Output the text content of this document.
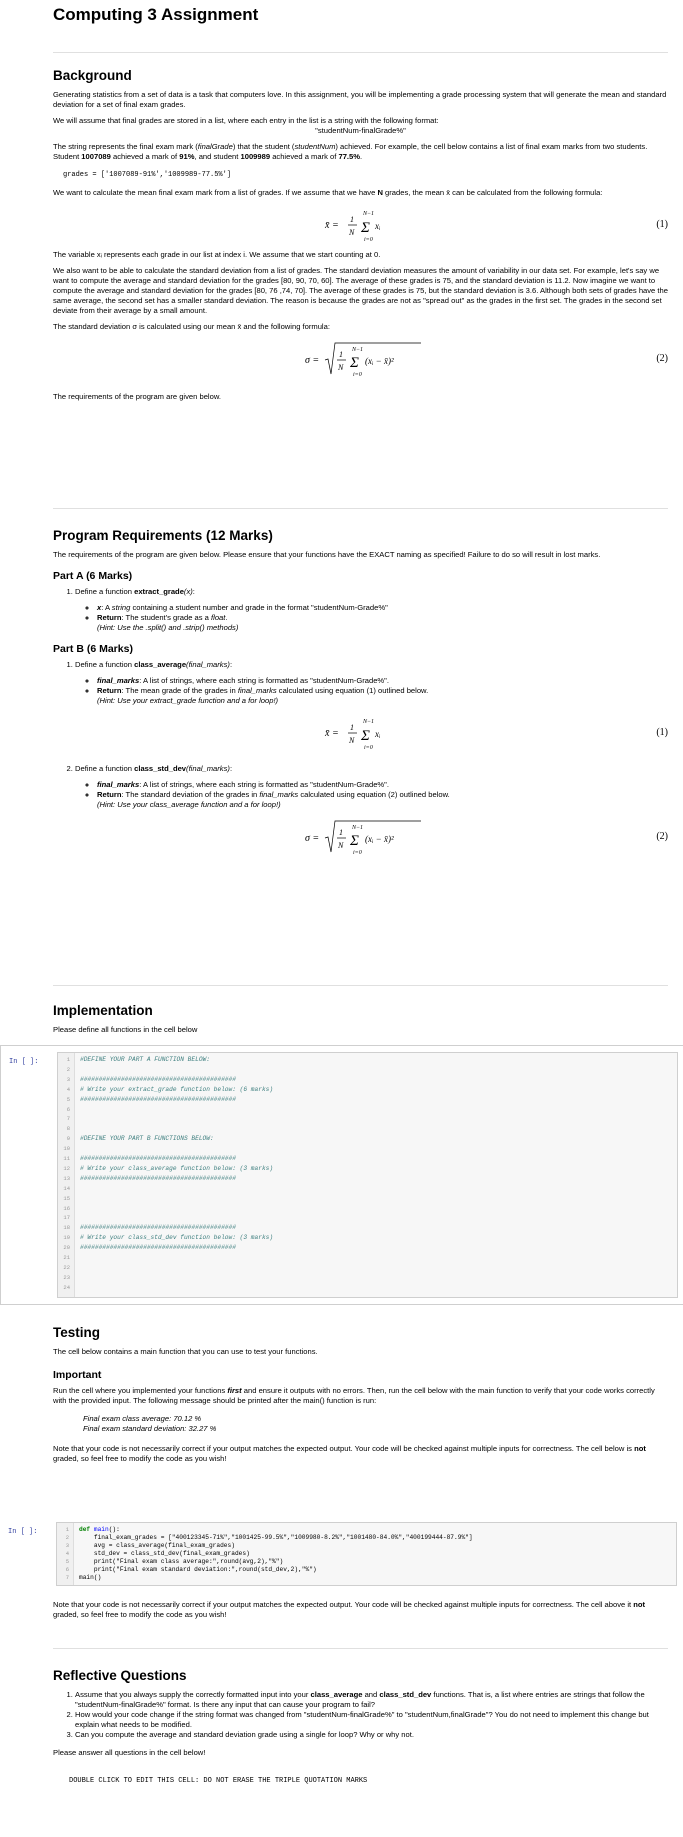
Computing 3 Assignment
Background

Generating statistics from a set of data is a task that computers love. In this assignment, you will be implementing a grade processing system that will generate the mean and standard deviation for a set of final exam grades.

We will assume that final grades are stored in a list, where each entry in the list is a string with the following format:

"studentNum-finalGrade%"

The string represents the final exam mark (finalGrade) that the student (studentNum) achieved. For example, the cell below contains a list of final exam marks from two students. Student 1007089 achieved a mark of 91%, and student 1009989 achieved a mark of 77.5%.

grades = ['1007089-91%','1009989-77.5%']

We want to calculate the mean final exam mark from a list of grades. If we assume that we have N grades, the mean x̄ can be calculated from the following formula:

x̄ =
1
N
N−1
Σ
i=0
xᵢ	(1)

The variable xᵢ represents each grade in our list at index i. We assume that we start counting at 0.

We also want to be able to calculate the standard deviation from a list of grades. The standard deviation measures the amount of variability in our data set. For example, let's say we want to compute the average and standard deviation for the grades [80, 90, 70, 60]. The average of these grades is 75, and the standard deviation is 11.2. Now imagine we want to compute the average and standard deviation for the grades [80, 76 ,74, 70]. The average of these grades is 75, but the standard deviation is 3.6. Although both sets of grades have the same average, the second set has a smaller standard deviation. The reason is because the grades are not as "spread out" as the grades in the first set. The grades in the second set deviate from their average by a small amount.

The standard deviation σ is calculated using our mean x̄ and the following formula:

σ =
1
N
N−1
Σ
i=0
(xᵢ − x̄)²	(2)

The requirements of the program are given below.

Program Requirements (12 Marks)

The requirements of the program are given below. Please ensure that your functions have the EXACT naming as specified! Failure to do so will result in lost marks.

Part A (6 Marks)
1. Define a function extract_grade(x):
◦ x: A string containing a student number and grade in the format "studentNum-Grade%"
◦ Return: The student's grade as a float.
(Hint: Use the .split() and .strip() methods)
Part B (6 Marks)
1. Define a function class_average(final_marks):
◦ final_marks: A list of strings, where each string is formatted as "studentNum-Grade%".
◦ Return: The mean grade of the grades in final_marks calculated using equation (1) outlined below.
(Hint: Use your extract_grade function and a for loop!)
x̄ =
1
N
N−1
Σ
i=0
xᵢ	(1)
2. Define a function class_std_dev(final_marks):
◦ final_marks: A list of strings, where each string is formatted as "studentNum-Grade%".
◦ Return: The standard deviation of the grades in final_marks calculated using equation (2) outlined below.
(Hint: Use your class_average function and a for loop!)
σ =
1
N
N−1
Σ
i=0
(xᵢ − x̄)²	(2)
Implementation

Please define all functions in the cell below

In [ ]:	1 #DEFINE YOUR PART A FUNCTION BELOW:
2
3 ##########################################
4 # Write your extract_grade function below: (6 marks)
5 ##########################################
6
7
8
9 #DEFINE YOUR PART B FUNCTIONS BELOW:
10
11 ##########################################
12 # Write your class_average function below: (3 marks)
13 ##########################################
14
15
16
17
18 ##########################################
19 # Write your class_std_dev function below: (3 marks)
20 ##########################################
21
22
23
24
Testing

The cell below contains a main function that you can use to test your functions.

Important

Run the cell where you implemented your functions first and ensure it outputs with no errors. Then, run the cell below with the main function to verify that your code works correctly with the provided input. The following message should be printed after the main() function is run:

Final exam class average: 70.12 %

Final exam standard deviation: 32.27 %

Note that your code is not necessarily correct if your output matches the expected output. Your code will be checked against multiple inputs for correctness. The cell below is not graded, so feel free to modify the code as you wish!

In [ ]:	1
2
3
4
5
6
7
def main():
final_exam_grades = ["400123345-71%","1001425-99.5%","1009980-8.2%","1001480-84.0%","400199444-87.9%"]
avg = class_average(final_exam_grades)
std_dev = class_std_dev(final_exam_grades)
print("Final exam class average:",round(avg,2),"%")
print("Final exam standard deviation:",round(std_dev,2),"%")
main()

Note that your code is not necessarily correct if your output matches the expected output. Your code will be checked against multiple inputs for correctness. The cell above it not graded, so feel free to modify the code as you wish!

Reflective Questions
1. Assume that you always supply the correctly formatted input into your class_average and class_std_dev functions. That is, a list where entries are strings that follow the "studentNum-finalGrade%" format. Is there any input that can cause your program to fail?
2. How would your code change if the string format was changed from "studentNum-finalGrade%" to "studentNum,finalGrade"? You do not need to implement this change but explain what needs to be modified.
3. Can you compute the average and standard deviation grade using a single for loop? Why or why not.

Please answer all questions in the cell below!

DOUBLE CLICK TO EDIT THIS CELL: DO NOT ERASE THE TRIPLE QUOTATION MARKS
